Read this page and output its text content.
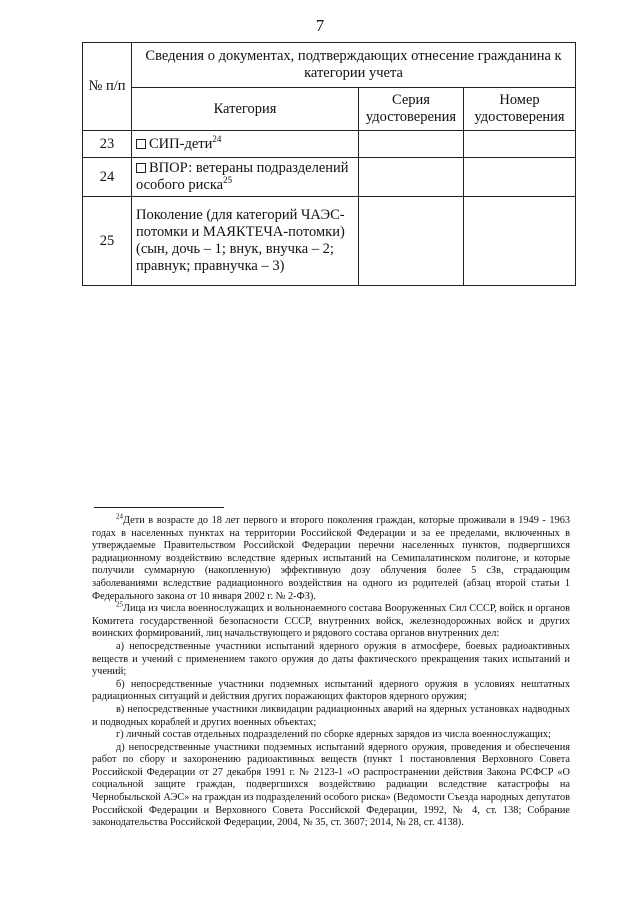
7
№ п/п	Сведения о документах, подтверждающих отнесение гражданина к категории учета		
	Категория	Серия удостоверения	Номер удостоверения
23	СИП-дети$^{24}$		
24	ВПОР: ветераны подразделений особого риска$^{25}$		
25	Поколение (для категорий ЧАЭС-потомки и МАЯКТЕЧА-потомки) (сын, дочь – 1; внук, внучка – 2; правнук; правнучка – 3)		

$^{24}$Дети в возрасте до 18 лет первого и второго поколения граждан, которые проживали в 1949 - 1963 годах в населенных пунктах на территории Российской Федерации и за ее пределами, включенных в утверждаемые Правительством Российской Федерации перечни населенных пунктов, подвергшихся радиационному воздействию вследствие ядерных испытаний на Семипалатинском полигоне, и которые получили суммарную (накопленную) эффективную дозу облучения более 5 сЗв, страдающим заболеваниями вследствие радиационного воздействия на одного из родителей (абзац второй статьи 1 Федерального закона от 10 января 2002 г. № 2-ФЗ).

$^{25}$Лица из числа военнослужащих и вольнонаемного состава Вооруженных Сил СССР, войск и органов Комитета государственной безопасности СССР, внутренних войск, железнодорожных войск и других воинских формирований, лиц начальствующего и рядового состава органов внутренних дел:

а) непосредственные участники испытаний ядерного оружия в атмосфере, боевых радиоактивных веществ и учений с применением такого оружия до даты фактического прекращения таких испытаний и учений;

б) непосредственные участники подземных испытаний ядерного оружия в условиях нештатных радиационных ситуаций и действия других поражающих факторов ядерного оружия;

в) непосредственные участники ликвидации радиационных аварий на ядерных установках надводных и подводных кораблей и других военных объектах;

г) личный состав отдельных подразделений по сборке ядерных зарядов из числа военнослужащих;

д) непосредственные участники подземных испытаний ядерного оружия, проведения и обеспечения работ по сбору и захоронению радиоактивных веществ (пункт 1 постановления Верховного Совета Российской Федерации от 27 декабря 1991 г. № 2123-1 «О распространении действия Закона РСФСР «О социальной защите граждан, подвергшихся воздействию радиации вследствие катастрофы на Чернобыльской АЭС» на граждан из подразделений особого риска» (Ведомости Съезда народных депутатов Российской Федерации и Верховного Совета Российской Федерации, 1992, № 4, ст. 138; Собрание законодательства Российской Федерации, 2004, № 35, ст. 3607; 2014, № 28, ст. 4138).
